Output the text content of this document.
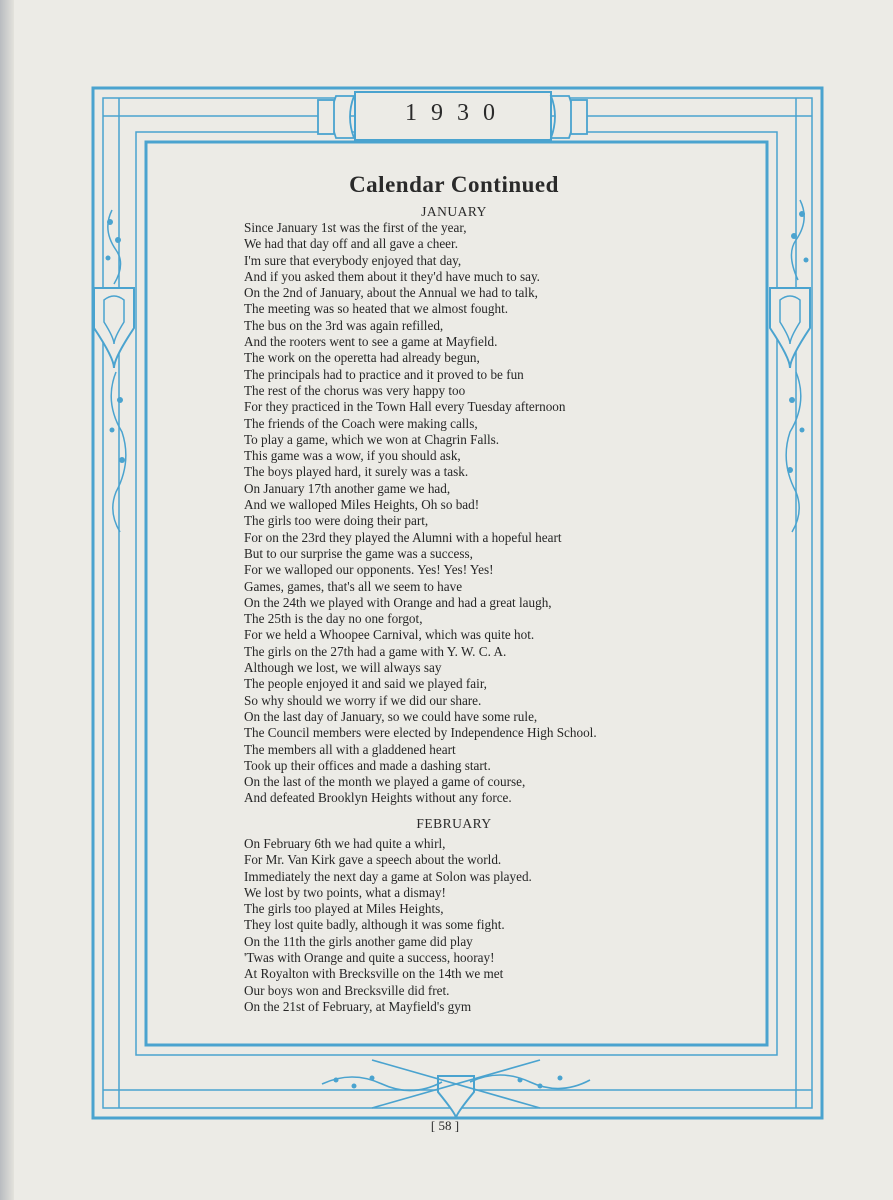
1930
Calendar Continued
JANUARY
Since January 1st was the first of the year,
We had that day off and all gave a cheer.
I'm sure that everybody enjoyed that day,
And if you asked them about it they'd have much to say.
On the 2nd of January, about the Annual we had to talk,
The meeting was so heated that we almost fought.
The bus on the 3rd was again refilled,
And the rooters went to see a game at Mayfield.
The work on the operetta had already begun,
The principals had to practice and it proved to be fun
The rest of the chorus was very happy too
For they practiced in the Town Hall every Tuesday afternoon
The friends of the Coach were making calls,
To play a game, which we won at Chagrin Falls.
This game was a wow, if you should ask,
The boys played hard, it surely was a task.
On January 17th another game we had,
And we walloped Miles Heights, Oh so bad!
The girls too were doing their part,
For on the 23rd they played the Alumni with a hopeful heart
But to our surprise the game was a success,
For we walloped our opponents. Yes! Yes! Yes!
Games, games, that's all we seem to have
On the 24th we played with Orange and had a great laugh,
The 25th is the day no one forgot,
For we held a Whoopee Carnival, which was quite hot.
The girls on the 27th had a game with Y. W. C. A.
Although we lost, we will always say
The people enjoyed it and said we played fair,
So why should we worry if we did our share.
On the last day of January, so we could have some rule,
The Council members were elected by Independence High School.
The members all with a gladdened heart
Took up their offices and made a dashing start.
On the last of the month we played a game of course,
And defeated Brooklyn Heights without any force.
FEBRUARY
On February 6th we had quite a whirl,
For Mr. Van Kirk gave a speech about the world.
Immediately the next day a game at Solon was played.
We lost by two points, what a dismay!
The girls too played at Miles Heights,
They lost quite badly, although it was some fight.
On the 11th the girls another game did play
'Twas with Orange and quite a success, hooray!
At Royalton with Brecksville on the 14th we met
Our boys won and Brecksville did fret.
On the 21st of February, at Mayfield's gym
[ 58 ]
